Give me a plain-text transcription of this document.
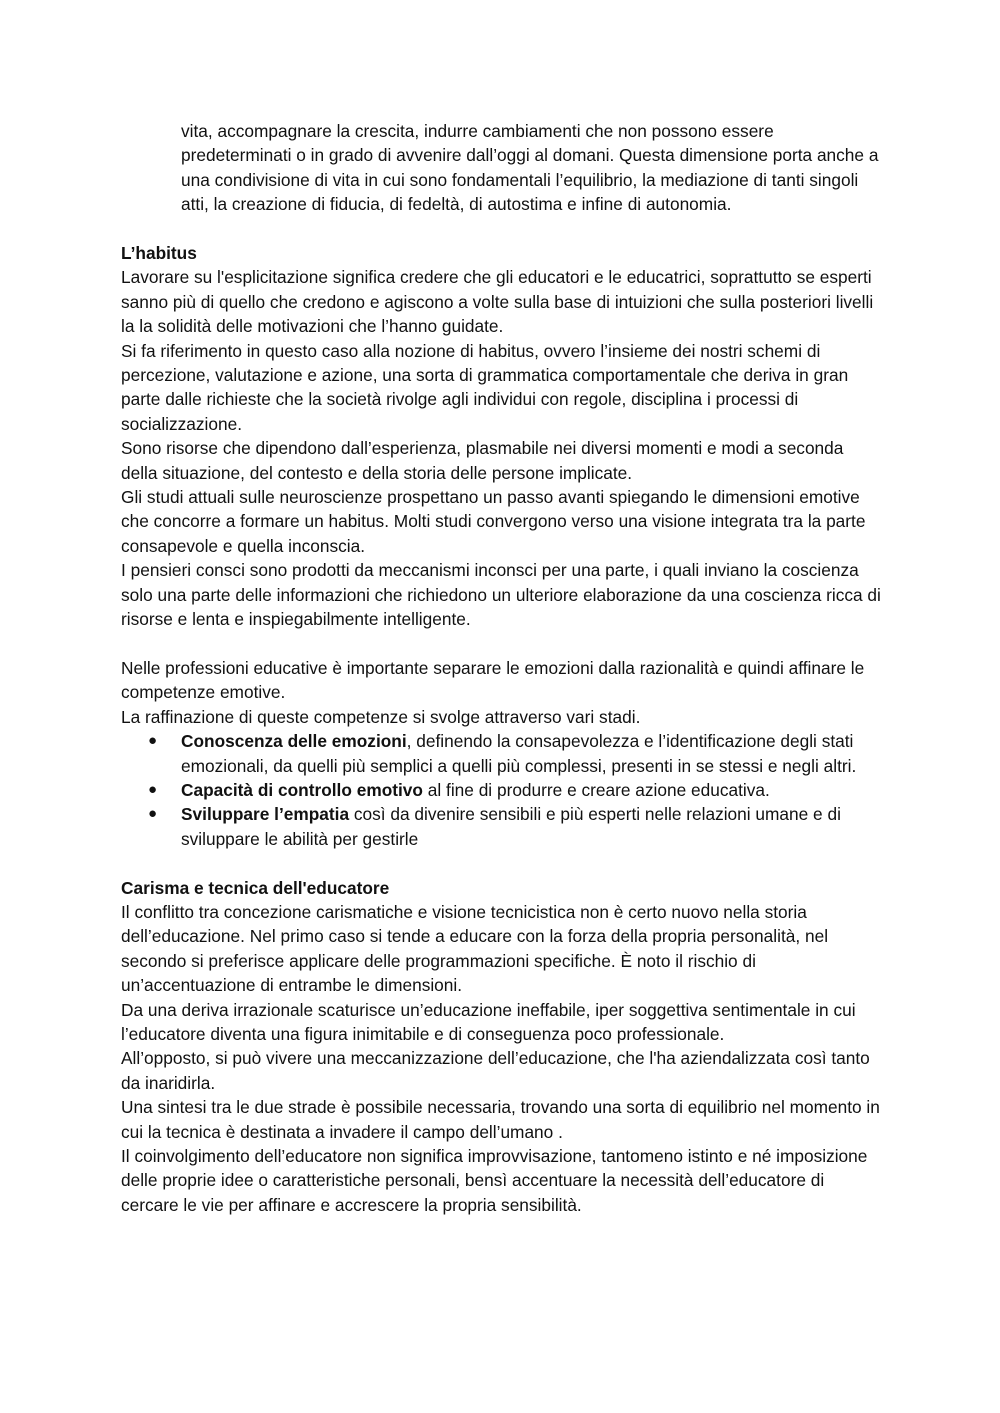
vita, accompagnare la crescita, indurre cambiamenti che non possono essere predeterminati o in grado di avvenire dall’oggi al domani. Questa dimensione porta anche a una condivisione di vita in cui sono fondamentali l’equilibrio, la mediazione di tanti singoli atti, la creazione di fiducia, di fedeltà, di autostima e infine di autonomia.

L’habitus

Lavorare su l'esplicitazione significa credere che gli educatori e le educatrici, soprattutto se esperti sanno più di quello che credono e agiscono a volte sulla base di intuizioni che sulla posteriori livelli la la solidità delle motivazioni che l’hanno guidate.

Si fa riferimento in questo caso alla nozione di habitus, ovvero l’insieme dei nostri schemi di percezione, valutazione e azione, una sorta di grammatica comportamentale che deriva in gran parte dalle richieste che la società rivolge agli individui con regole, disciplina i processi di socializzazione.

Sono risorse che dipendono dall’esperienza, plasmabile nei diversi momenti e modi a seconda della situazione, del contesto e della storia delle persone implicate.

Gli studi attuali sulle neuroscienze prospettano un passo avanti spiegando le dimensioni emotive che concorre a formare un habitus. Molti studi convergono verso una visione integrata tra la parte consapevole e quella inconscia.

I pensieri consci sono prodotti da meccanismi inconsci per una parte, i quali inviano la coscienza solo una parte delle informazioni che richiedono un ulteriore elaborazione da una coscienza ricca di risorse e lenta e inspiegabilmente intelligente.

Nelle professioni educative è importante separare le emozioni dalla razionalità e quindi affinare le competenze emotive.

La raffinazione di queste competenze si svolge attraverso vari stadi.

● Conoscenza delle emozioni, definendo la consapevolezza e l’identificazione degli stati emozionali, da quelli più semplici a quelli più complessi, presenti in se stessi e negli altri.
● Capacità di controllo emotivo al fine di produrre e creare azione educativa.
● Sviluppare l’empatia così da divenire sensibili e più esperti nelle relazioni umane e di sviluppare le abilità per gestirle

Carisma e tecnica dell'educatore

Il conflitto tra concezione carismatiche e visione tecnicistica non è certo nuovo nella storia dell’educazione. Nel primo caso si tende a educare con la forza della propria personalità, nel secondo si preferisce applicare delle programmazioni specifiche. È noto il rischio di un’accentuazione di entrambe le dimensioni.

Da una deriva irrazionale scaturisce un’educazione ineffabile, iper soggettiva sentimentale in cui l’educatore diventa una figura inimitabile e di conseguenza poco professionale.

All’opposto, si può vivere una meccanizzazione dell’educazione, che l'ha aziendalizzata così tanto da inaridirla.

Una sintesi tra le due strade è possibile necessaria, trovando una sorta di equilibrio nel momento in cui la tecnica è destinata a invadere il campo dell’umano .

Il coinvolgimento dell’educatore non significa improvvisazione, tantomeno istinto e né imposizione delle proprie idee o caratteristiche personali, bensì accentuare la necessità dell’educatore di cercare le vie per affinare e accrescere la propria sensibilità.
